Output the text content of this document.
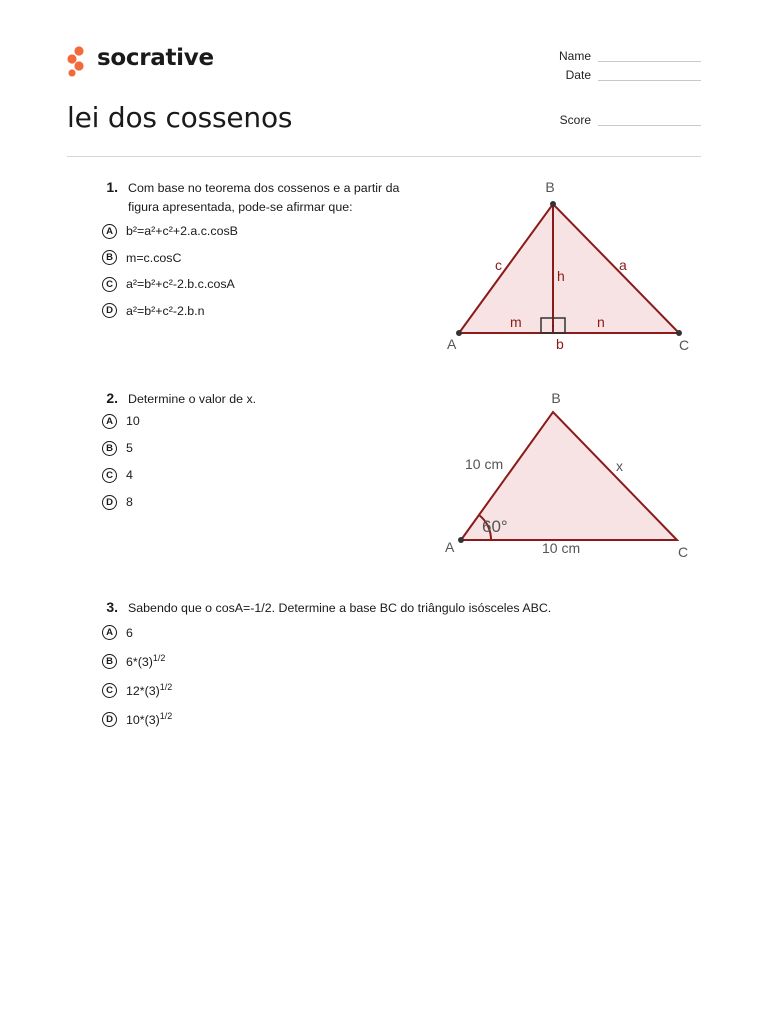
socrative
lei dos cossenos
Name
Date
Score
1. Com base no teorema dos cossenos e a partir da
figura apresentada, pode-se afirmar que:
A	b²=a²+c²+2.a.c.cosB
B	m=c.cosC
C	a²=b²+c²-2.b.c.cosA
D	a²=b²+c²-2.b.n
B
A	C
c	a
h
m	n
b
2. Determine o valor de x.
A	10
B	5
C	4
D	8
B
A	C
10 cm
10 cm
x
60°
3. Sabendo que o cosA=-1/2. Determine a base BC do triângulo isósceles ABC.
A	6
B	$6*(3)^{1/2}$
C	$12*(3)^{1/2}$
D	$10*(3)^{1/2}$
